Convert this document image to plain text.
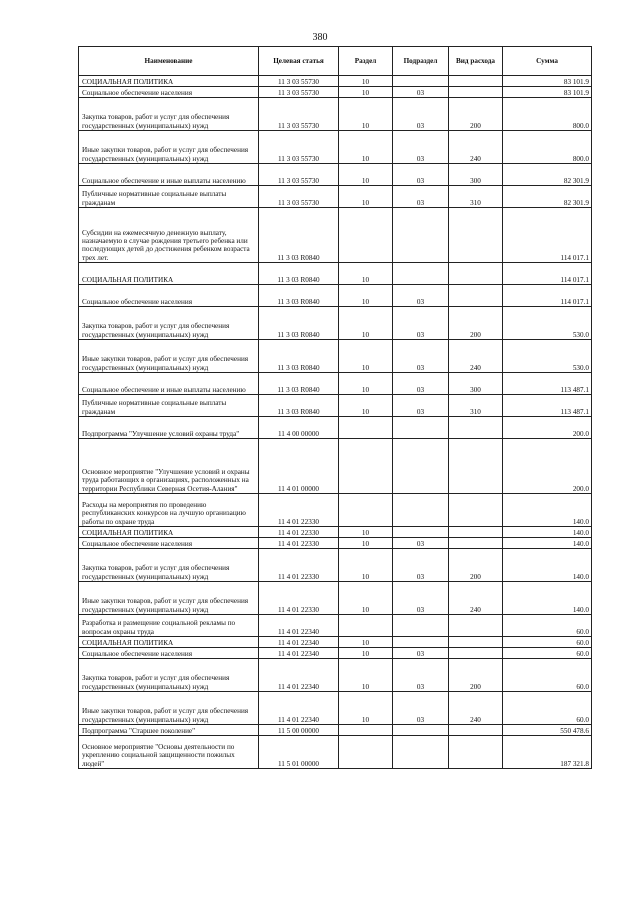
380
Наименование	Целевая статья	Раздел	Подраздел	Вид расхода	Сумма
СОЦИАЛЬНАЯ ПОЛИТИКА	11 3 03 55730	10			83 101.9
Социальное обеспечение населения	11 3 03 55730	10	03		83 101.9
Закупка товаров, работ и услуг для обеспечения государственных (муниципальных) нужд	11 3 03 55730	10	03	200	800.0
Иные закупки товаров, работ и услуг для обеспечения государственных (муниципальных) нужд	11 3 03 55730	10	03	240	800.0
Социальное обеспечение и иные выплаты населению	11 3 03 55730	10	03	300	82 301.9
Публичные нормативные социальные выплаты гражданам	11 3 03 55730	10	03	310	82 301.9
Субсидии на ежемесячную денежную выплату, назначаемую в случае рождения третьего ребенка или последующих детей до достижения ребенком возраста трех лет.	11 3 03 R0840				114 017.1
СОЦИАЛЬНАЯ ПОЛИТИКА	11 3 03 R0840	10			114 017.1
Социальное обеспечение населения	11 3 03 R0840	10	03		114 017.1
Закупка товаров, работ и услуг для обеспечения государственных (муниципальных) нужд	11 3 03 R0840	10	03	200	530.0
Иные закупки товаров, работ и услуг для обеспечения государственных (муниципальных) нужд	11 3 03 R0840	10	03	240	530.0
Социальное обеспечение и иные выплаты населению	11 3 03 R0840	10	03	300	113 487.1
Публичные нормативные социальные выплаты гражданам	11 3 03 R0840	10	03	310	113 487.1
Подпрограмма "Улучшение условий охраны труда"	11 4 00 00000				200.0
Основное мероприятие "Улучшение условий и охраны труда работающих в организациях, расположенных на территории Республики Северная Осетия-Алания"	11 4 01 00000				200.0
Расходы на мероприятия по проведению республиканских конкурсов на лучшую организацию работы по охране труда	11 4 01 22330				140.0
СОЦИАЛЬНАЯ ПОЛИТИКА	11 4 01 22330	10			140.0
Социальное обеспечение населения	11 4 01 22330	10	03		140.0
Закупка товаров, работ и услуг для обеспечения государственных (муниципальных) нужд	11 4 01 22330	10	03	200	140.0
Иные закупки товаров, работ и услуг для обеспечения государственных (муниципальных) нужд	11 4 01 22330	10	03	240	140.0
Разработка и размещение социальной рекламы по вопросам охраны труда	11 4 01 22340				60.0
СОЦИАЛЬНАЯ ПОЛИТИКА	11 4 01 22340	10			60.0
Социальное обеспечение населения	11 4 01 22340	10	03		60.0
Закупка товаров, работ и услуг для обеспечения государственных (муниципальных) нужд	11 4 01 22340	10	03	200	60.0
Иные закупки товаров, работ и услуг для обеспечения государственных (муниципальных) нужд	11 4 01 22340	10	03	240	60.0
Подпрограмма "Старшее поколение"	11 5 00 00000				550 478.6
Основное мероприятие "Основы деятельности по укреплению социальной защищенности пожилых людей"	11 5 01 00000				187 321.8
